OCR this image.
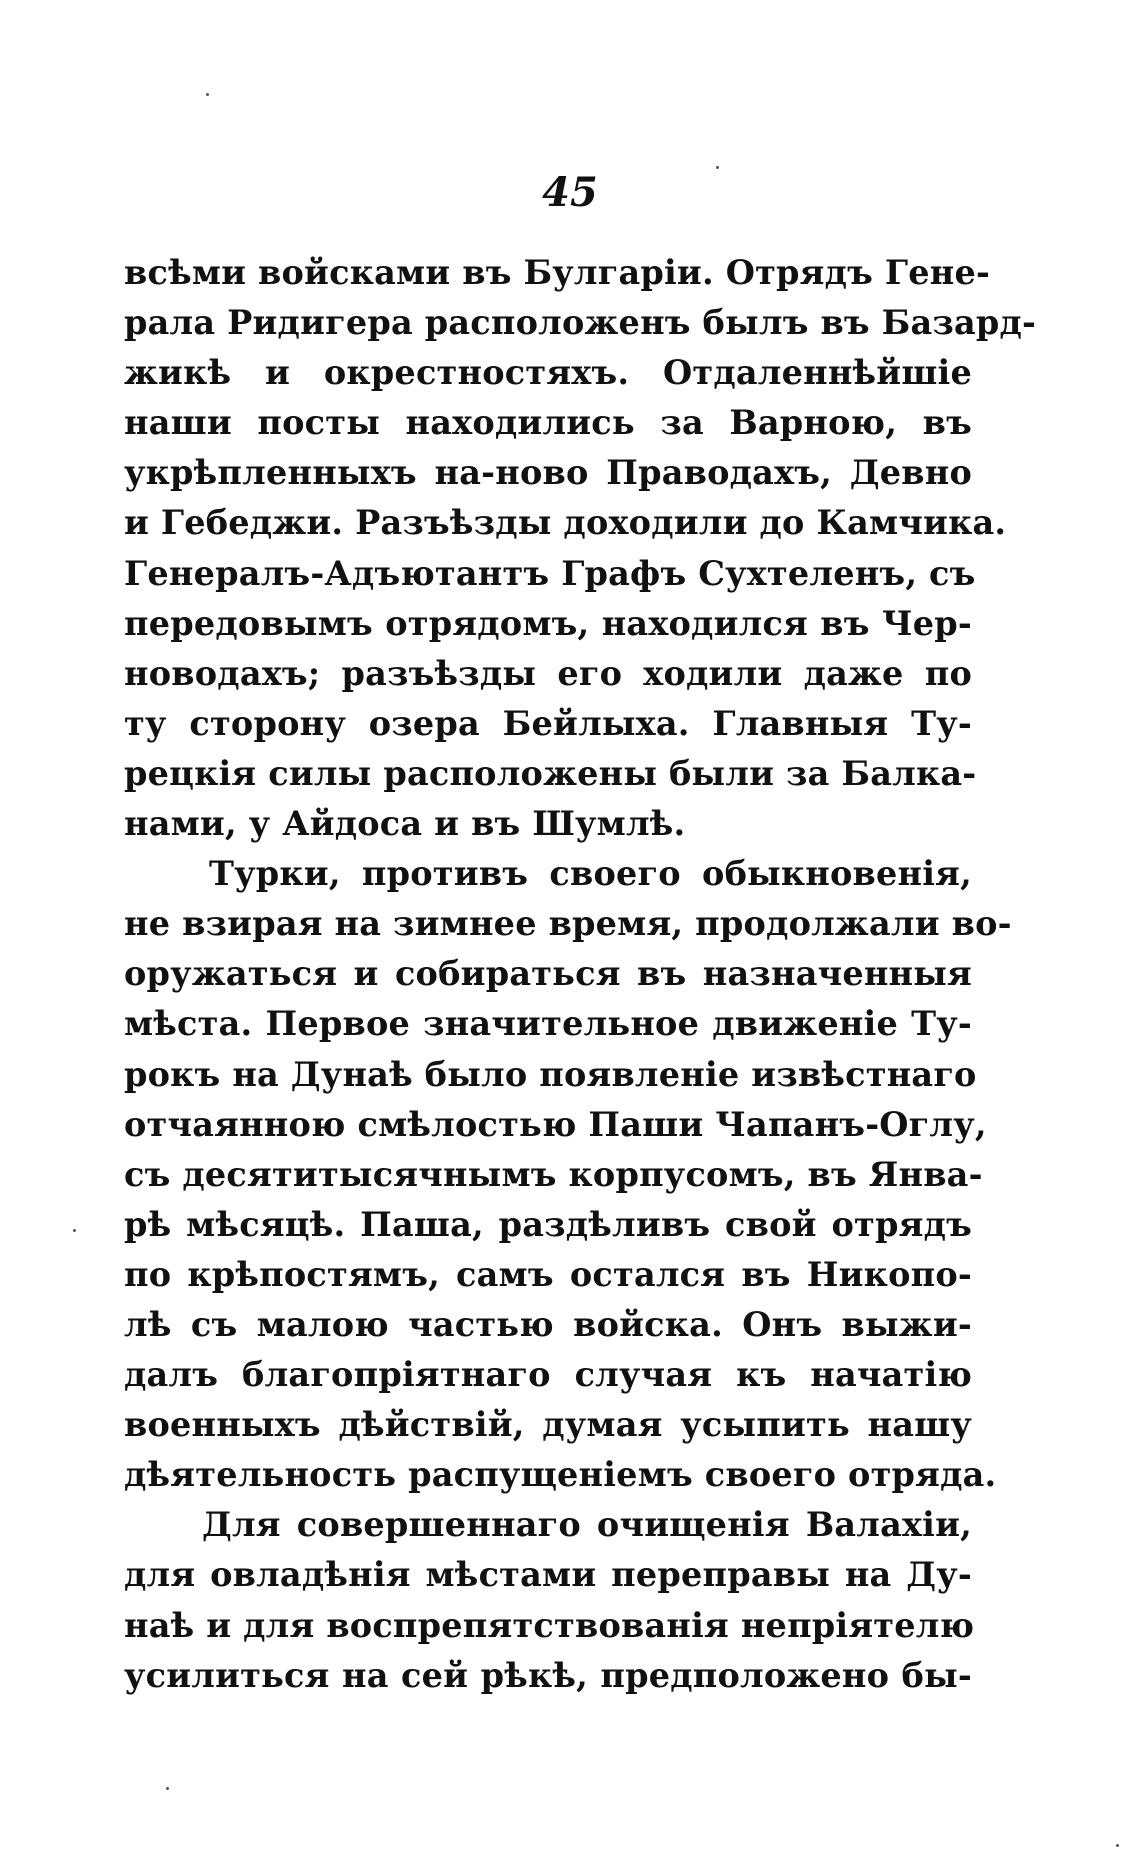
45
всѣми войсками въ Булгаріи. Отрядъ Гене-
рала Ридигера расположенъ былъ въ Базард-
жикѣ и окрестностяхъ. Отдаленнѣйшіе
наши посты находились за Варною, въ
укрѣпленныхъ на-ново Праводахъ, Девно
и Гебеджи. Разъѣзды доходили до Камчика.
Генералъ-Адъютантъ Графъ Сухтеленъ, съ
передовымъ отрядомъ, находился въ Чер-
новодахъ; разъѣзды его ходили даже по
ту сторону озера Бейлыха. Главныя Ту-
рецкія силы расположены были за Балка-
нами, у Айдоса и въ Шумлѣ.
Турки, противъ своего обыкновенія,
не взирая на зимнее время, продолжали во-
оружаться и собираться въ назначенныя
мѣста. Первое значительное движеніе Ту-
рокъ на Дунаѣ было появленіе извѣстнаго
отчаянною смѣлостью Паши Чапанъ-Оглу,
съ десятитысячнымъ корпусомъ, въ Янва-
рѣ мѣсяцѣ. Паша, раздѣливъ свой отрядъ
по крѣпостямъ, самъ остался въ Никопо-
лѣ съ малою частью войска. Онъ выжи-
далъ благопріятнаго случая къ начатію
военныхъ дѣйствій, думая усыпить нашу
дѣятельность распущеніемъ своего отряда.
Для совершеннаго очищенія Валахіи,
для овладѣнія мѣстами переправы на Ду-
наѣ и для воспрепятствованія непріятелю
усилиться на сей рѣкѣ, предположено бы-
